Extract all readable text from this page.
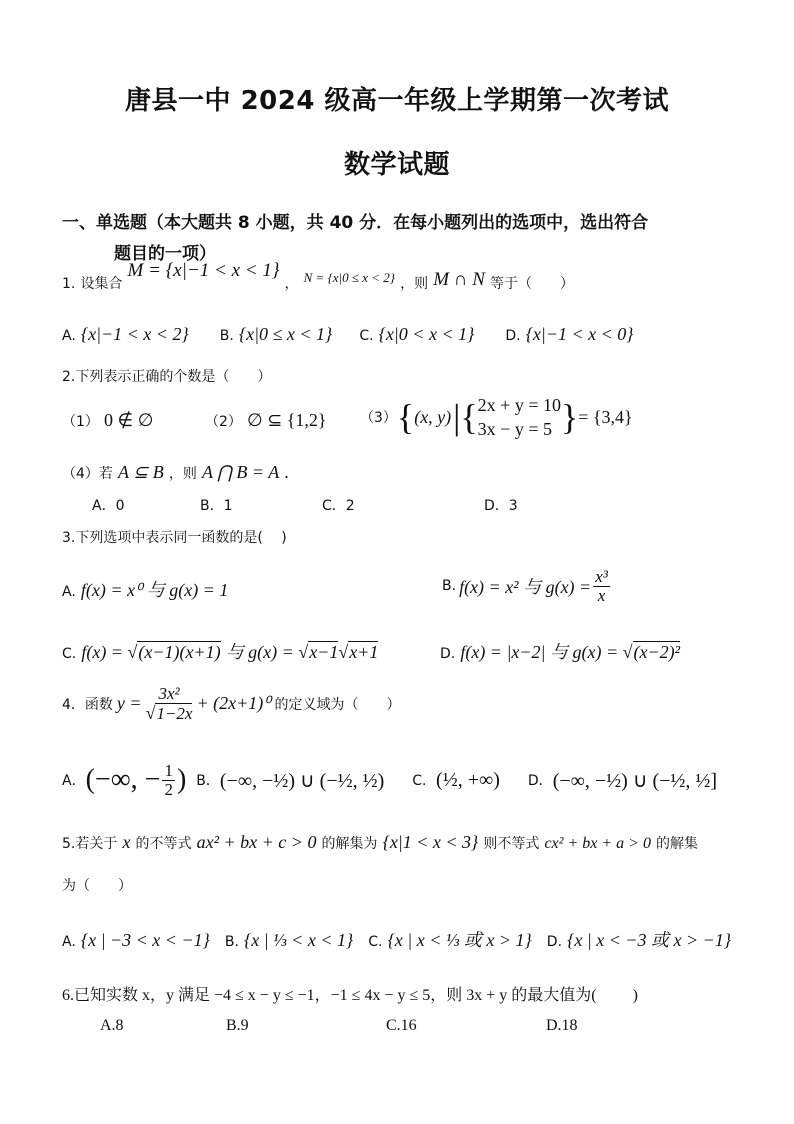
唐县一中 2024 级高一年级上学期第一次考试
数学试题
一、单选题（本大题共 8 小题，共 40 分．在每小题列出的选项中，选出符合
题目的一项）
1. 设集合 M = {x|−1 < x < 1} ， $^{N = \{x|0 \le x < 2\}}$ ，则 M ∩ N 等于（　　）
A. {x|−1 < x < 2} B. {x|0 ≤ x < 1} C. {x|0 < x < 1} D. {x|−1 < x < 0}
2.下列表示正确的个数是（　　）
（1） 0 ∉ ∅	（2） ∅ ⊆ {1,2} （3） { (x, y) | { 2x + y = 10
3x − y = 5 } = {3,4}
（4）若 A ⊆ B ，则 A ⋂ B = A .
A．0	B．1	C．2	D．3
3.下列选项中表示同一函数的是(　 )
A. f(x) = x⁰ 与 g(x) = 1	B. f(x) = x² 与 $g(x) = \frac{\text{x³}}{x}$
C. f(x) = √(x−1)(x+1) 与 g(x) = √x−1√x+1	D. f(x) = |x−2| 与 g(x) = √(x−2)²
4． 函数 $y = \frac{\text{3x²}}{√1-2x} + (2x+1)^0$ 的定义域为（　　）
A． (−∞, − $\frac{1}{2}$ ) B． (−∞, −½) ∪ (−½, ½) C． (½, +∞) D． (−∞, −½) ∪ (−½, ½]
5.若关于 x 的不等式 ax² + bx + c > 0 的解集为 {x|1 < x < 3} 则不等式 cx² + bx + a > 0 的解集
为（　　）
A. {x | −3 < x < −1} B. {x | ⅓ < x < 1} C. {x | x < ⅓ 或 x > 1} D. {x | x < −3 或 x > −1}
6.已知实数 x，y 满足 −4 ≤ x − y ≤ −1，−1 ≤ 4x − y ≤ 5，则 3x + y 的最大值为(　　 )
A.8	B.9	C.16	D.18
